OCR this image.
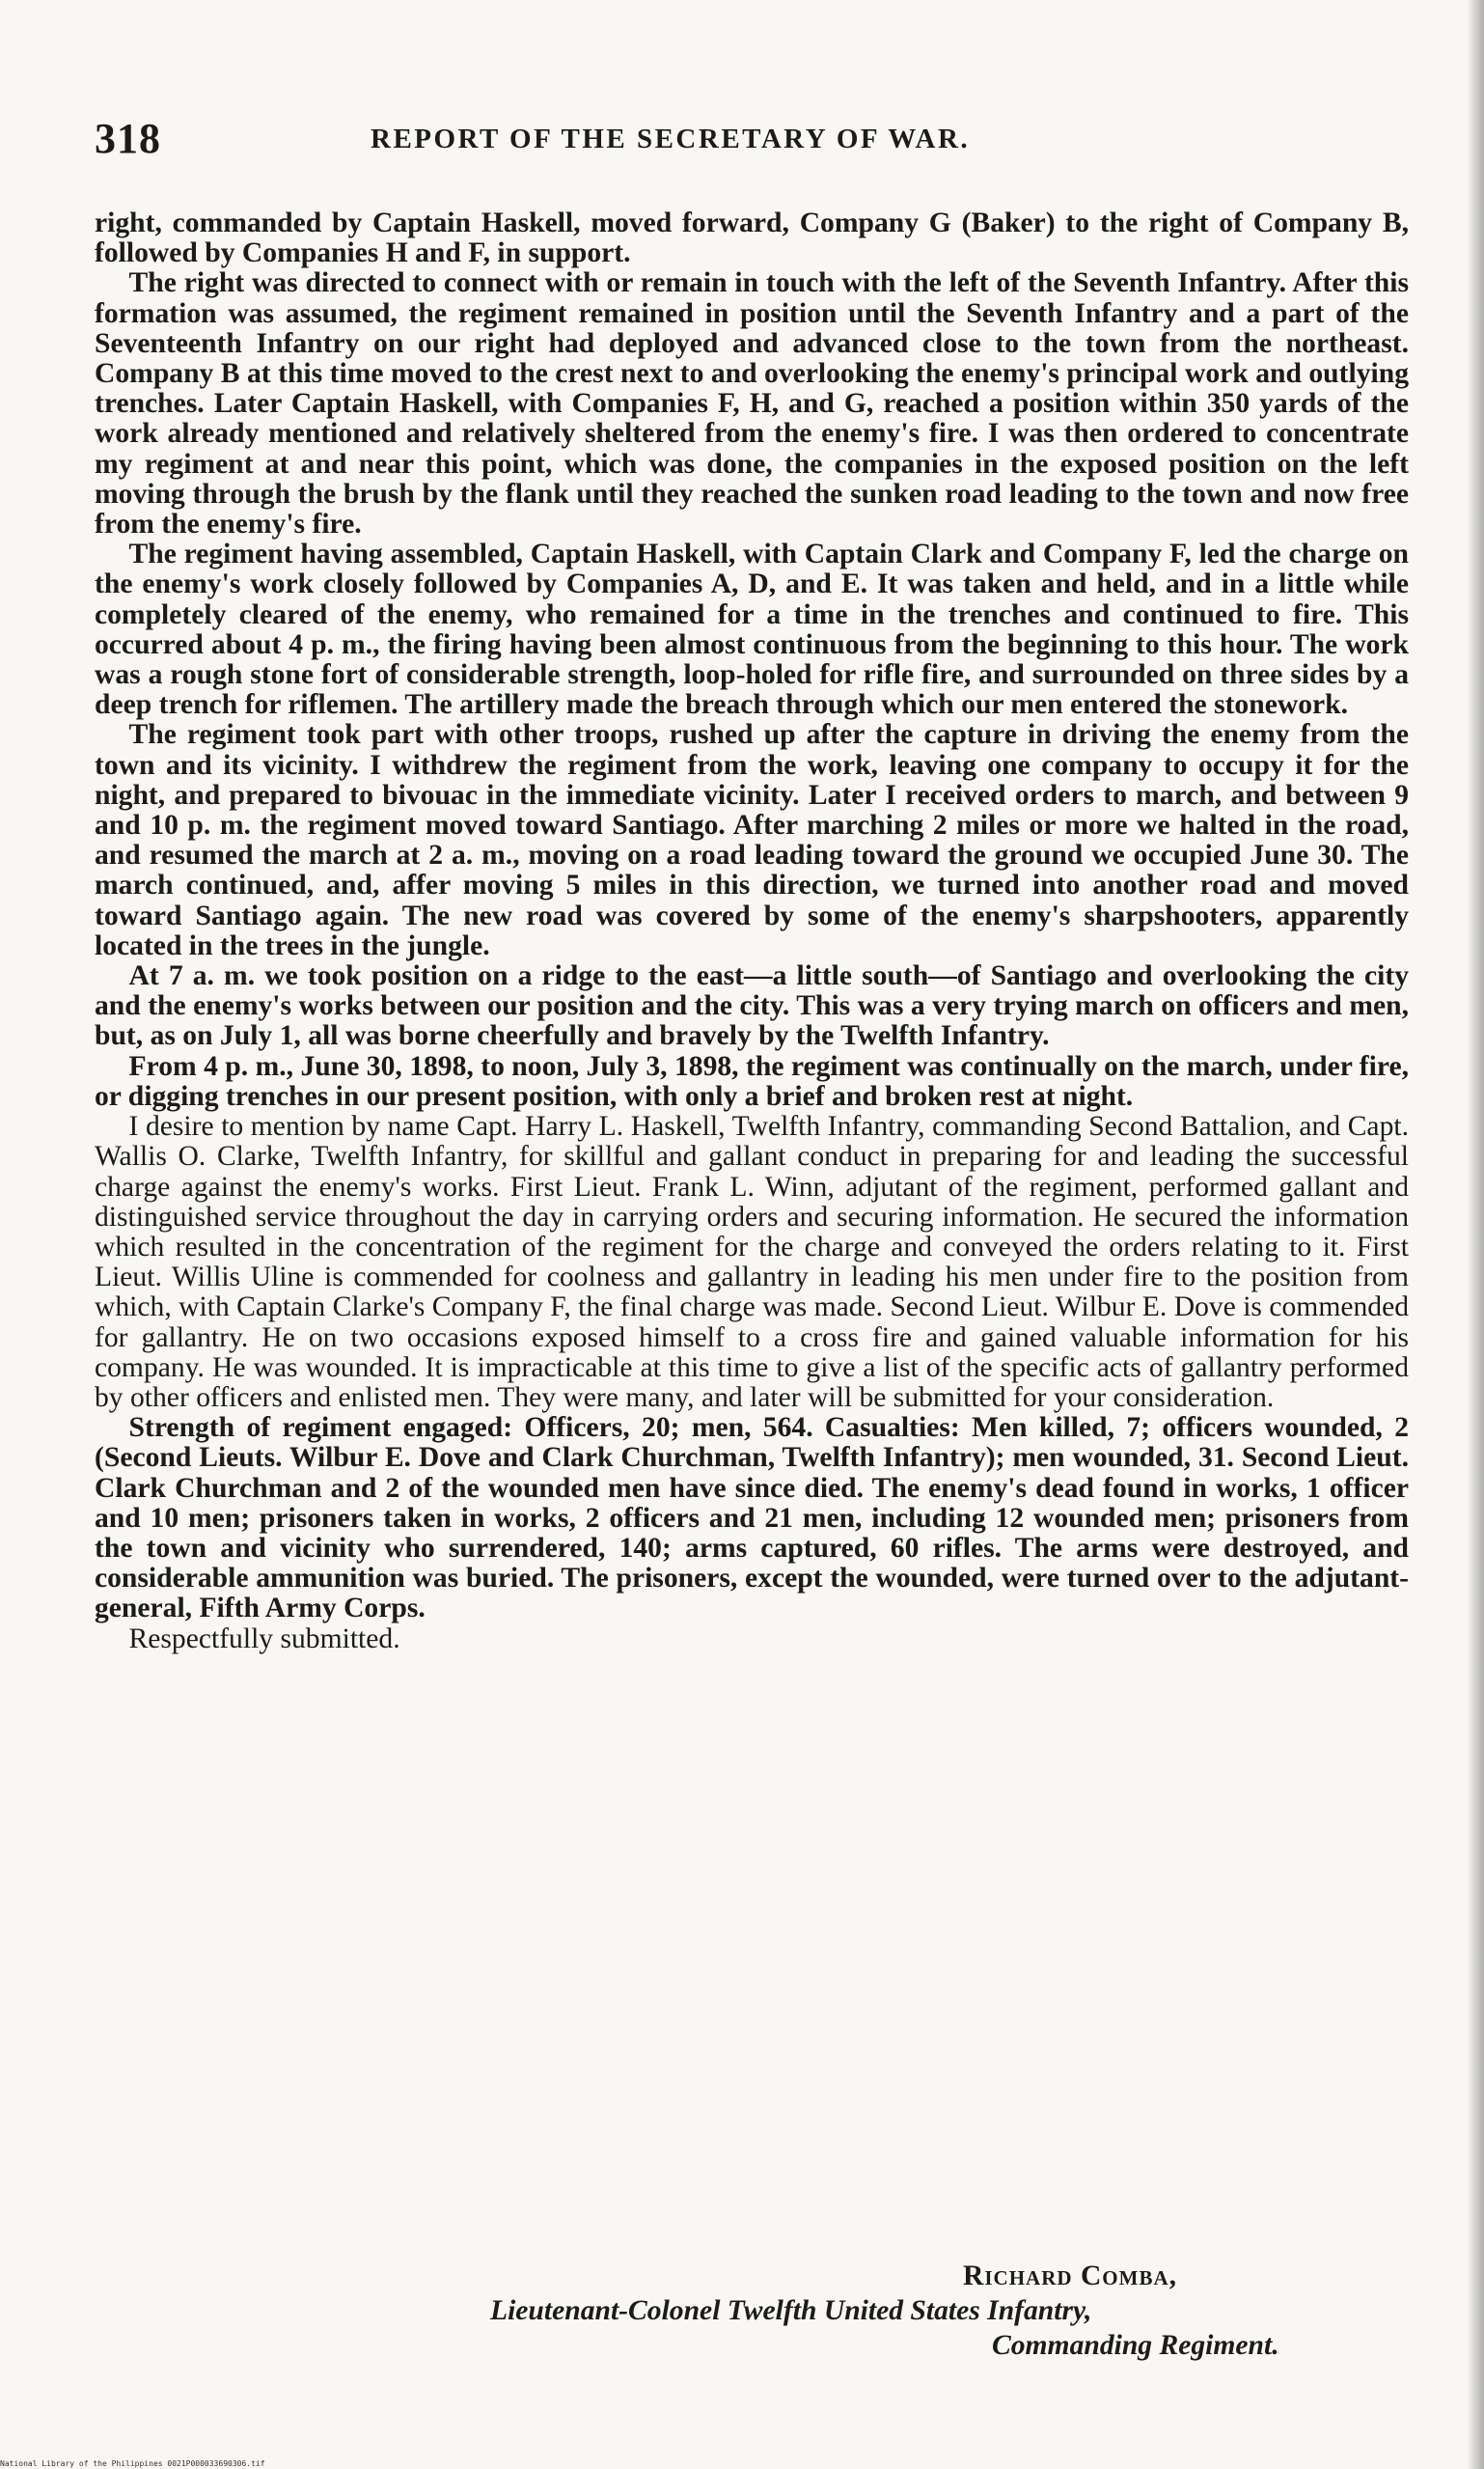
318	REPORT OF THE SECRETARY OF WAR.

right, commanded by Captain Haskell, moved forward, Company G (Baker) to the right of Company B, followed by Companies H and F, in support.

The right was directed to connect with or remain in touch with the left of the Seventh Infantry. After this formation was assumed, the regiment remained in position until the Seventh Infantry and a part of the Seventeenth Infantry on our right had deployed and advanced close to the town from the northeast. Company B at this time moved to the crest next to and overlooking the enemy's principal work and outlying trenches. Later Captain Haskell, with Companies F, H, and G, reached a position within 350 yards of the work already mentioned and relatively sheltered from the enemy's fire. I was then ordered to concentrate my regiment at and near this point, which was done, the companies in the exposed position on the left moving through the brush by the flank until they reached the sunken road leading to the town and now free from the enemy's fire.

The regiment having assembled, Captain Haskell, with Captain Clark and Company F, led the charge on the enemy's work closely followed by Companies A, D, and E. It was taken and held, and in a little while completely cleared of the enemy, who remained for a time in the trenches and continued to fire. This occurred about 4 p. m., the firing having been almost continuous from the beginning to this hour. The work was a rough stone fort of considerable strength, loop-holed for rifle fire, and surrounded on three sides by a deep trench for riflemen. The artillery made the breach through which our men entered the stonework.

The regiment took part with other troops, rushed up after the capture in driving the enemy from the town and its vicinity. I withdrew the regiment from the work, leaving one company to occupy it for the night, and prepared to bivouac in the immediate vicinity. Later I received orders to march, and between 9 and 10 p. m. the regiment moved toward Santiago. After marching 2 miles or more we halted in the road, and resumed the march at 2 a. m., moving on a road leading toward the ground we occupied June 30. The march continued, and, affer moving 5 miles in this direction, we turned into another road and moved toward Santiago again. The new road was covered by some of the enemy's sharpshooters, apparently located in the trees in the jungle.

At 7 a. m. we took position on a ridge to the east—a little south—of Santiago and overlooking the city and the enemy's works between our position and the city. This was a very trying march on officers and men, but, as on July 1, all was borne cheerfully and bravely by the Twelfth Infantry.

From 4 p. m., June 30, 1898, to noon, July 3, 1898, the regiment was continually on the march, under fire, or digging trenches in our present position, with only a brief and broken rest at night.

I desire to mention by name Capt. Harry L. Haskell, Twelfth Infantry, commanding Second Battalion, and Capt. Wallis O. Clarke, Twelfth Infantry, for skillful and gallant conduct in preparing for and leading the successful charge against the enemy's works. First Lieut. Frank L. Winn, adjutant of the regiment, performed gallant and distinguished service throughout the day in carrying orders and securing information. He secured the information which resulted in the concentration of the regiment for the charge and conveyed the orders relating to it. First Lieut. Willis Uline is commended for coolness and gallantry in leading his men under fire to the position from which, with Captain Clarke's Company F, the final charge was made. Second Lieut. Wilbur E. Dove is commended for gallantry. He on two occasions exposed himself to a cross fire and gained valuable information for his company. He was wounded. It is impracticable at this time to give a list of the specific acts of gallantry performed by other officers and enlisted men. They were many, and later will be submitted for your consideration.

Strength of regiment engaged: Officers, 20; men, 564. Casualties: Men killed, 7; officers wounded, 2 (Second Lieuts. Wilbur E. Dove and Clark Churchman, Twelfth Infantry); men wounded, 31. Second Lieut. Clark Churchman and 2 of the wounded men have since died. The enemy's dead found in works, 1 officer and 10 men; prisoners taken in works, 2 officers and 21 men, including 12 wounded men; prisoners from the town and vicinity who surrendered, 140; arms captured, 60 rifles. The arms were destroyed, and considerable ammunition was buried. The prisoners, except the wounded, were turned over to the adjutant-general, Fifth Army Corps.

Respectfully submitted.

Richard Comba,
Lieutenant-Colonel Twelfth United States Infantry,
Commanding Regiment.
National Library of the Philippines 0021P000033690306.tif
